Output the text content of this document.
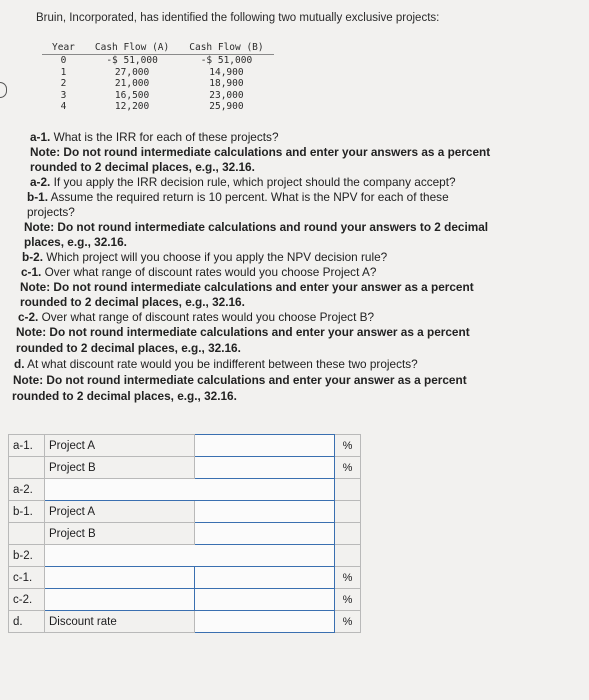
Bruin, Incorporated, has identified the following two mutually exclusive projects:
Year	Cash Flow (A)	Cash Flow (B)
0	-$ 51,000	-$ 51,000
1	27,000	14,900
2	21,000	18,900
3	16,500	23,000
4	12,200	25,900
a-1. What is the IRR for each of these projects?
Note: Do not round intermediate calculations and enter your answers as a percent
rounded to 2 decimal places, e.g., 32.16.
a-2. If you apply the IRR decision rule, which project should the company accept?
b-1. Assume the required return is 10 percent. What is the NPV for each of these
projects?
Note: Do not round intermediate calculations and round your answers to 2 decimal
places, e.g., 32.16.
b-2. Which project will you choose if you apply the NPV decision rule?
c-1. Over what range of discount rates would you choose Project A?
Note: Do not round intermediate calculations and enter your answer as a percent
rounded to 2 decimal places, e.g., 32.16.
c-2. Over what range of discount rates would you choose Project B?
Note: Do not round intermediate calculations and enter your answer as a percent
rounded to 2 decimal places, e.g., 32.16.
d. At what discount rate would you be indifferent between these two projects?
Note: Do not round intermediate calculations and enter your answer as a percent
rounded to 2 decimal places, e.g., 32.16.
a-1.	Project A		%
	Project B		%
a-2.			
b-1.	Project A		
	Project B		
b-2.			
c-1.			%
c-2.			%
d.	Discount rate		%
